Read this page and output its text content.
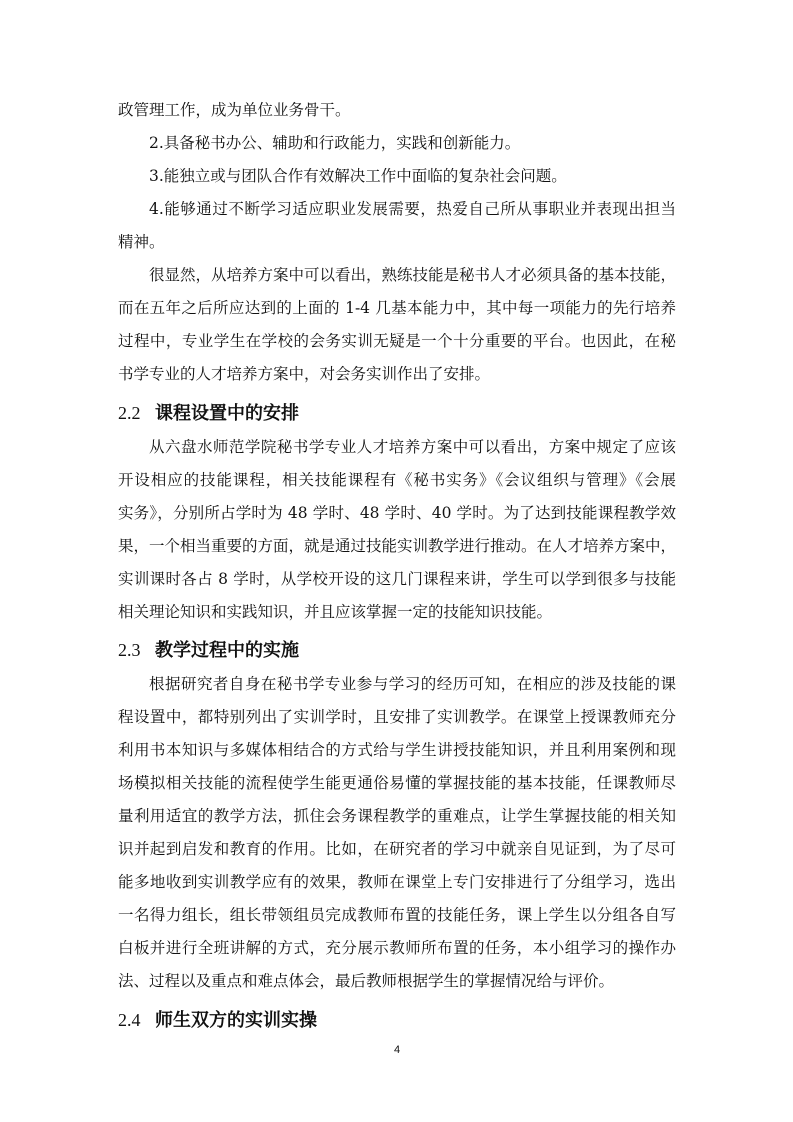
政管理工作，成为单位业务骨干。
2.具备秘书办公、辅助和行政能力，实践和创新能力。
3.能独立或与团队合作有效解决工作中面临的复杂社会问题。
4.能够通过不断学习适应职业发展需要，热爱自己所从事职业并表现出担当
精神。
很显然，从培养方案中可以看出，熟练技能是秘书人才必须具备的基本技能，
而在五年之后所应达到的上面的 1-4 几基本能力中，其中每一项能力的先行培养
过程中，专业学生在学校的会务实训无疑是一个十分重要的平台。也因此，在秘
书学专业的人才培养方案中，对会务实训作出了安排。
2.2 课程设置中的安排
从六盘水师范学院秘书学专业人才培养方案中可以看出，方案中规定了应该
开设相应的技能课程，相关技能课程有《秘书实务》《会议组织与管理》《会展
实务》，分别所占学时为 48 学时、48 学时、40 学时。为了达到技能课程教学效
果，一个相当重要的方面，就是通过技能实训教学进行推动。在人才培养方案中，
实训课时各占 8 学时，从学校开设的这几门课程来讲，学生可以学到很多与技能
相关理论知识和实践知识，并且应该掌握一定的技能知识技能。
2.3 教学过程中的实施
根据研究者自身在秘书学专业参与学习的经历可知，在相应的涉及技能的课
程设置中，都特别列出了实训学时，且安排了实训教学。在课堂上授课教师充分
利用书本知识与多媒体相结合的方式给与学生讲授技能知识，并且利用案例和现
场模拟相关技能的流程使学生能更通俗易懂的掌握技能的基本技能，任课教师尽
量利用适宜的教学方法，抓住会务课程教学的重难点，让学生掌握技能的相关知
识并起到启发和教育的作用。比如，在研究者的学习中就亲自见证到，为了尽可
能多地收到实训教学应有的效果，教师在课堂上专门安排进行了分组学习，选出
一名得力组长，组长带领组员完成教师布置的技能任务，课上学生以分组各自写
白板并进行全班讲解的方式，充分展示教师所布置的任务，本小组学习的操作办
法、过程以及重点和难点体会，最后教师根据学生的掌握情况给与评价。
2.4 师生双方的实训实操
4
